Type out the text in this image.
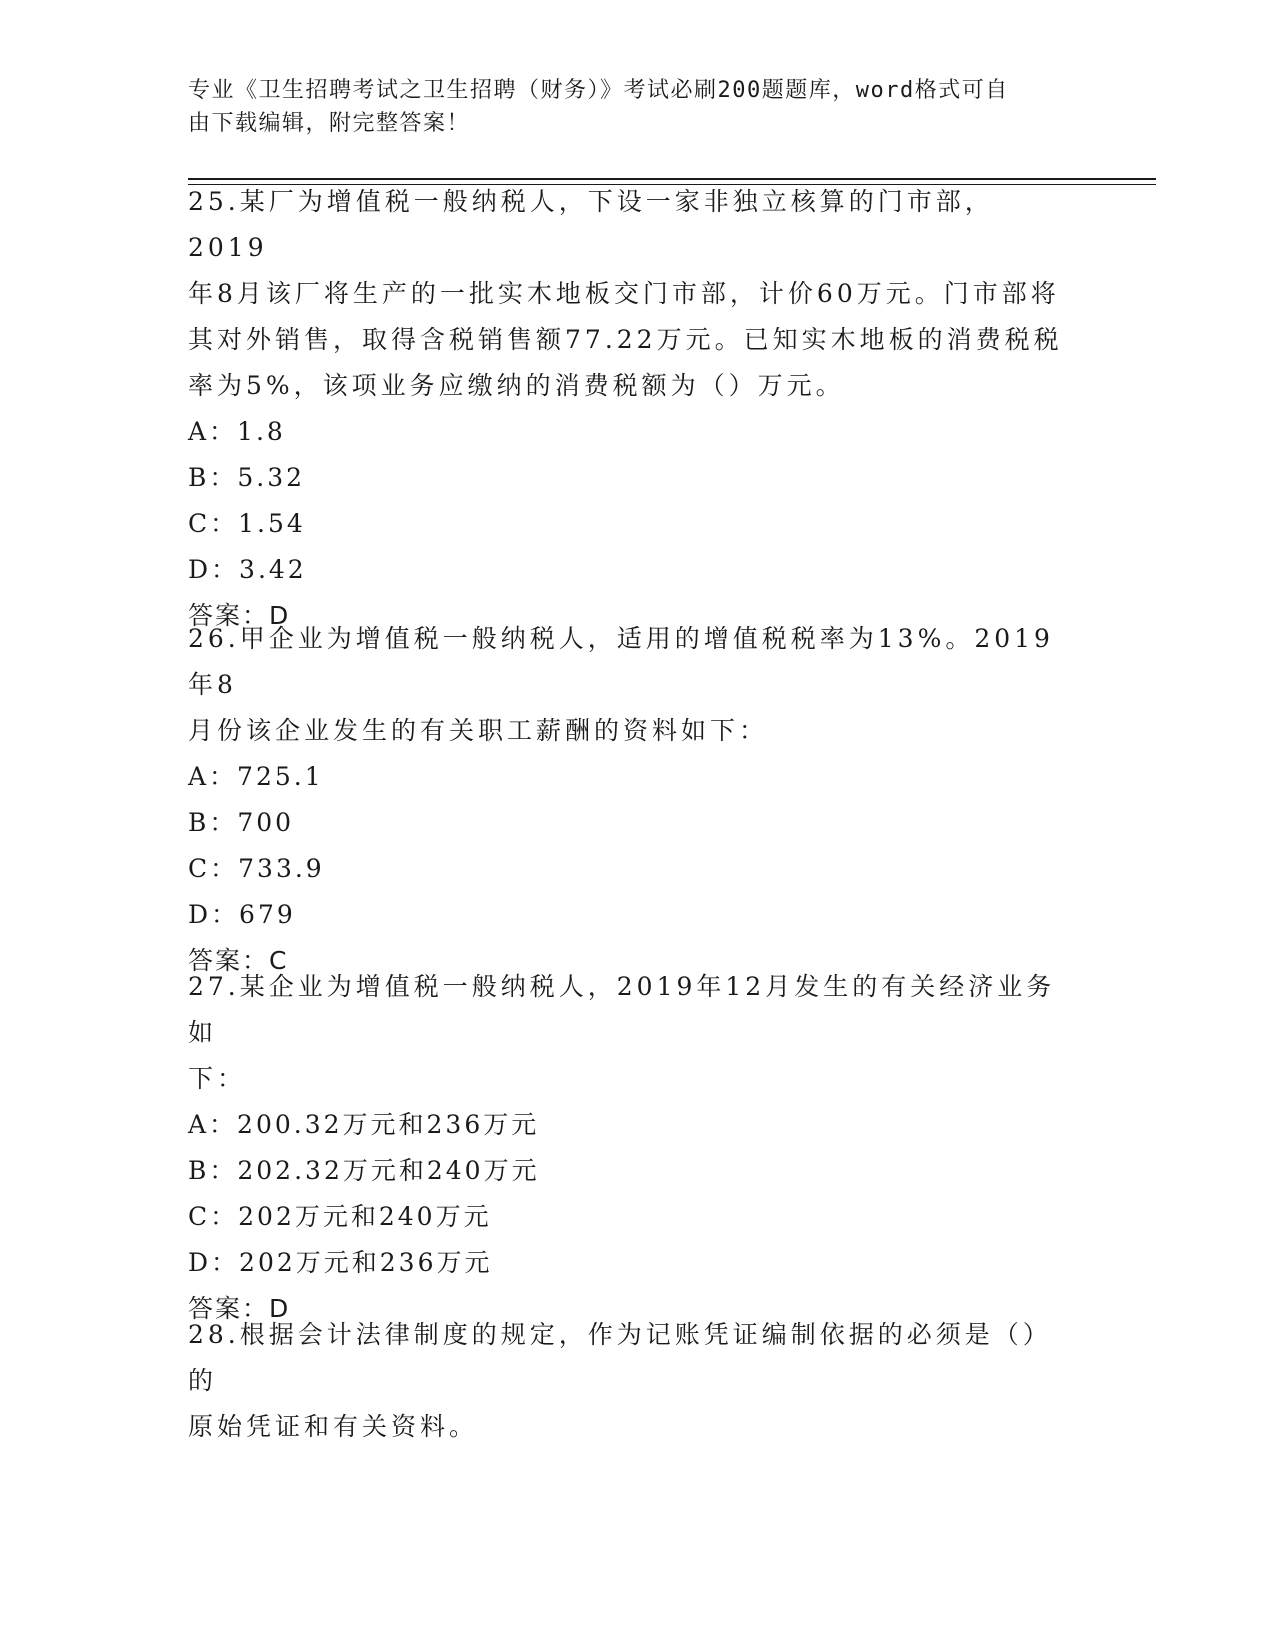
专业《卫生招聘考试之卫生招聘（财务）》考试必刷200题题库，word格式可自
由下载编辑，附完整答案！

25.某厂为增值税一般纳税人，下设一家非独立核算的门市部，2019

年8月该厂将生产的一批实木地板交门市部，计价60万元。门市部将

其对外销售，取得含税销售额77.22万元。已知实木地板的消费税税

率为5%，该项业务应缴纳的消费税额为（）万元。

A：1.8

B：5.32

C：1.54

D：3.42

答案：D

26.甲企业为增值税一般纳税人，适用的增值税税率为13%。2019年8

月份该企业发生的有关职工薪酬的资料如下：

A：725.1

B：700

C：733.9

D：679

答案：C

27.某企业为增值税一般纳税人，2019年12月发生的有关经济业务如

下：

A：200.32万元和236万元

B：202.32万元和240万元

C：202万元和240万元

D：202万元和236万元

答案：D

28.根据会计法律制度的规定，作为记账凭证编制依据的必须是（）的

原始凭证和有关资料。
